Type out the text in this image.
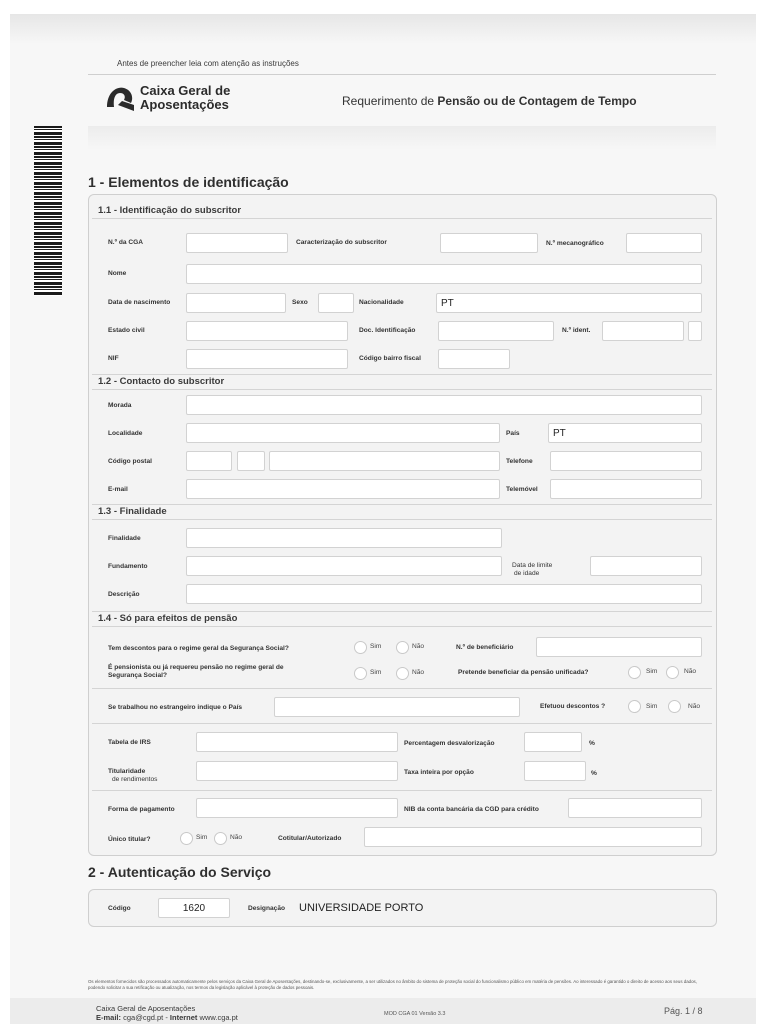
Antes de preencher leia com atenção as instruções
Caixa Geral de
Aposentações	Requerimento de Pensão ou de Contagem de Tempo
1 - Elementos de identificação
1.1 - Identificação do subscritor
N.º da CGA	Caracterização do subscritor	N.º mecanográfico
Nome
Data de nascimento	Sexo	Nacionalidade	PT
Estado civil	Doc. Identificação	N.º ident.
NIF	Código bairro fiscal
1.2 - Contacto do subscritor
Morada
Localidade	País	PT
Código postal	Telefone
E-mail	Telemóvel
1.3 - Finalidade
Finalidade
Fundamento	Data de limite
de idade
Descrição
1.4 - Só para efeitos de pensão
Tem descontos para o regime geral da Segurança Social?	Sim	Não	N.º de beneficiário
É pensionista ou já requereu pensão no regime geral de
Segurança Social?	Sim	Não	Pretende beneficiar da pensão unificada?	Sim	Não
Se trabalhou no estrangeiro indique o País	Efetuou descontos ?	Sim	Não
Tabela de IRS	Percentagem desvalorização	%
Titularidade
de rendimentos
Taxa inteira por opção	%
Forma de pagamento	NIB da conta bancária da CGD para crédito
Único titular?	Sim	Não	Cotitular/Autorizado
2 - Autenticação do Serviço
Código	1620	Designação UNIVERSIDADE PORTO
Os elementos fornecidos são processados automaticamente pelos serviços da Caixa Geral de Aposentações, destinando-se, exclusivamente, a ser utilizados no âmbito do sistema de proteção social do funcionalismo público em matéria de pensões. Ao interessado é garantido o direito de acesso aos seus dados, podendo solicitar a sua retificação ou atualização, nos termos da legislação aplicável à proteção de dados pessoais.
Caixa Geral de Aposentações
E-mail: cga@cgd.pt - Internet www.cga.pt	MOD CGA 01 Versão 3.3	Pág. 1 / 8
